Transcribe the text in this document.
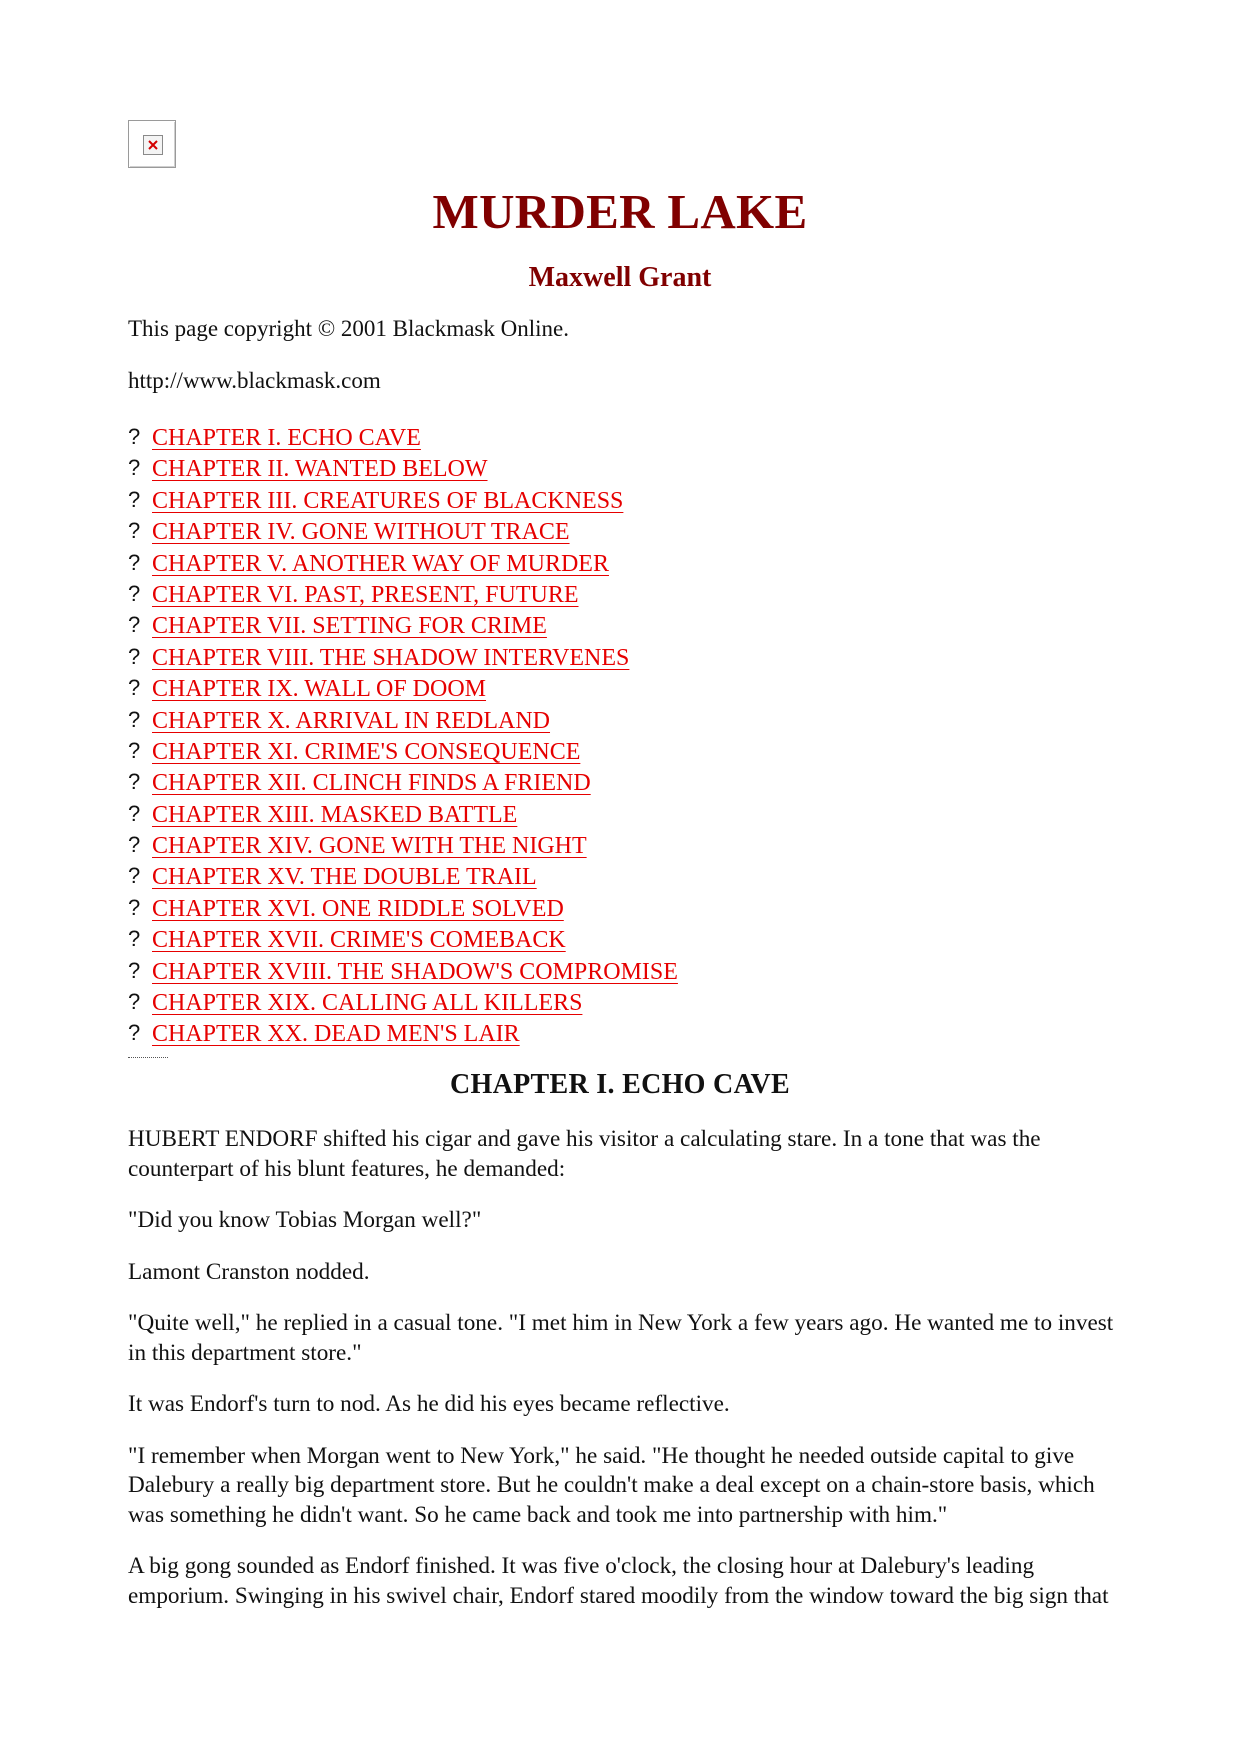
MURDER LAKE
Maxwell Grant

This page copyright © 2001 Blackmask Online.

http://www.blackmask.com

? CHAPTER I. ECHO CAVE
? CHAPTER II. WANTED BELOW
? CHAPTER III. CREATURES OF BLACKNESS
? CHAPTER IV. GONE WITHOUT TRACE
? CHAPTER V. ANOTHER WAY OF MURDER
? CHAPTER VI. PAST, PRESENT, FUTURE
? CHAPTER VII. SETTING FOR CRIME
? CHAPTER VIII. THE SHADOW INTERVENES
? CHAPTER IX. WALL OF DOOM
? CHAPTER X. ARRIVAL IN REDLAND
? CHAPTER XI. CRIME'S CONSEQUENCE
? CHAPTER XII. CLINCH FINDS A FRIEND
? CHAPTER XIII. MASKED BATTLE
? CHAPTER XIV. GONE WITH THE NIGHT
? CHAPTER XV. THE DOUBLE TRAIL
? CHAPTER XVI. ONE RIDDLE SOLVED
? CHAPTER XVII. CRIME'S COMEBACK
? CHAPTER XVIII. THE SHADOW'S COMPROMISE
? CHAPTER XIX. CALLING ALL KILLERS
? CHAPTER XX. DEAD MEN'S LAIR
CHAPTER I. ECHO CAVE

HUBERT ENDORF shifted his cigar and gave his visitor a calculating stare. In a tone that was the counterpart of his blunt features, he demanded:

"Did you know Tobias Morgan well?"

Lamont Cranston nodded.

"Quite well," he replied in a casual tone. "I met him in New York a few years ago. He wanted me to invest in this department store."

It was Endorf's turn to nod. As he did his eyes became reflective.

"I remember when Morgan went to New York," he said. "He thought he needed outside capital to give Dalebury a really big department store. But he couldn't make a deal except on a chain-store basis, which was something he didn't want. So he came back and took me into partnership with him."

A big gong sounded as Endorf finished. It was five o'clock, the closing hour at Dalebury's leading emporium. Swinging in his swivel chair, Endorf stared moodily from the window toward the big sign that
